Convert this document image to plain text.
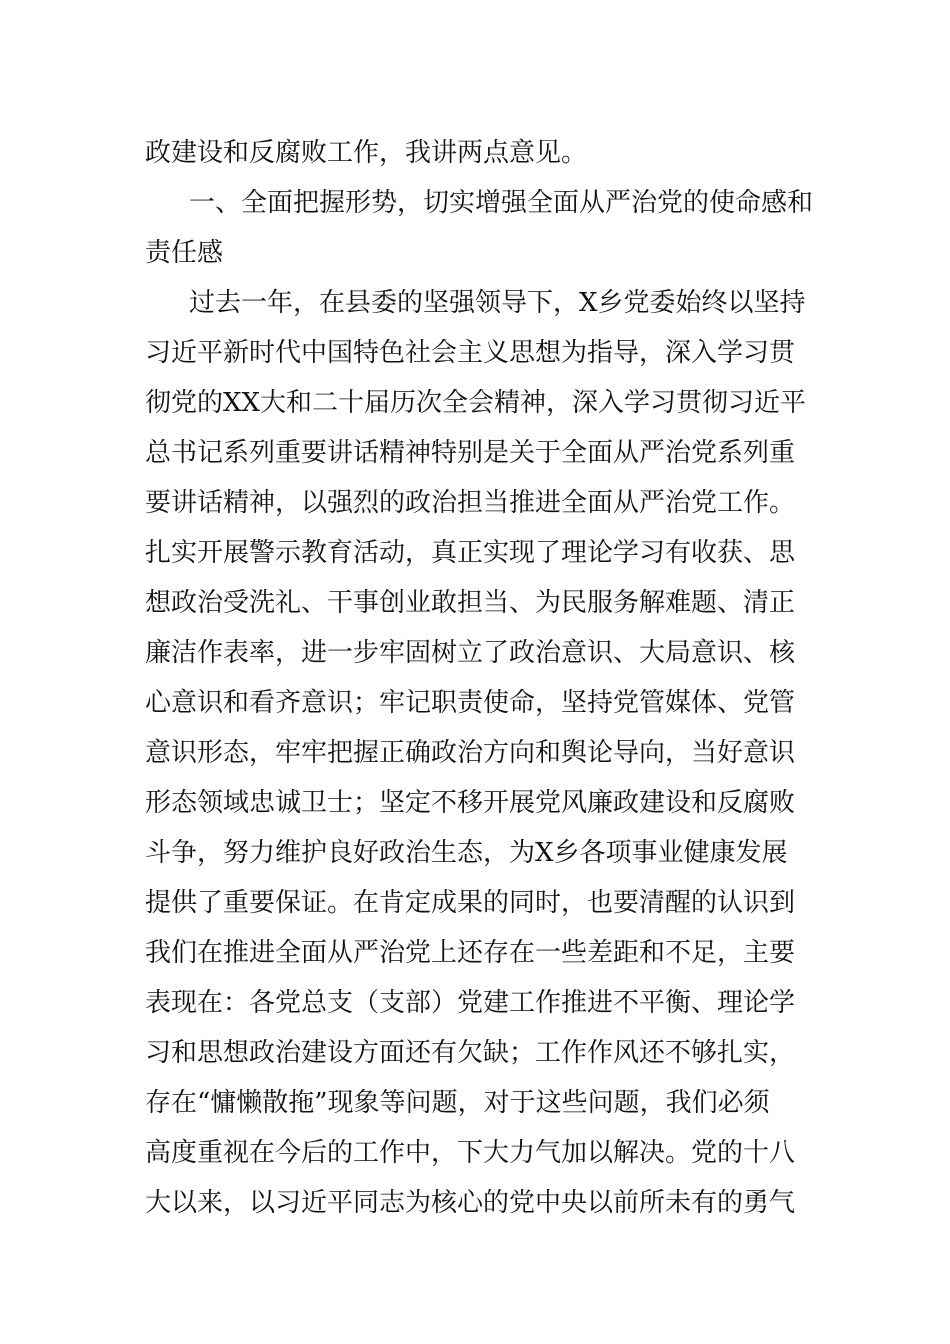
政建设和反腐败工作，我讲两点意见。
一、全面把握形势，切实增强全面从严治党的使命感和
责任感
过去一年，在县委的坚强领导下，X乡党委始终以坚持
习近平新时代中国特色社会主义思想为指导，深入学习贯
彻党的XX大和二十届历次全会精神，深入学习贯彻习近平
总书记系列重要讲话精神特别是关于全面从严治党系列重
要讲话精神，以强烈的政治担当推进全面从严治党工作。
扎实开展警示教育活动，真正实现了理论学习有收获、思
想政治受洗礼、干事创业敢担当、为民服务解难题、清正
廉洁作表率，进一步牢固树立了政治意识、大局意识、核
心意识和看齐意识；牢记职责使命，坚持党管媒体、党管
意识形态，牢牢把握正确政治方向和舆论导向，当好意识
形态领域忠诚卫士；坚定不移开展党风廉政建设和反腐败
斗争，努力维护良好政治生态，为X乡各项事业健康发展
提供了重要保证。在肯定成果的同时，也要清醒的认识到
我们在推进全面从严治党上还存在一些差距和不足，主要
表现在：各党总支（支部）党建工作推进不平衡、理论学
习和思想政治建设方面还有欠缺；工作作风还不够扎实，
存在“慵懒散拖”现象等问题，对于这些问题，我们必须
高度重视在今后的工作中，下大力气加以解决。党的十八
大以来，以习近平同志为核心的党中央以前所未有的勇气
